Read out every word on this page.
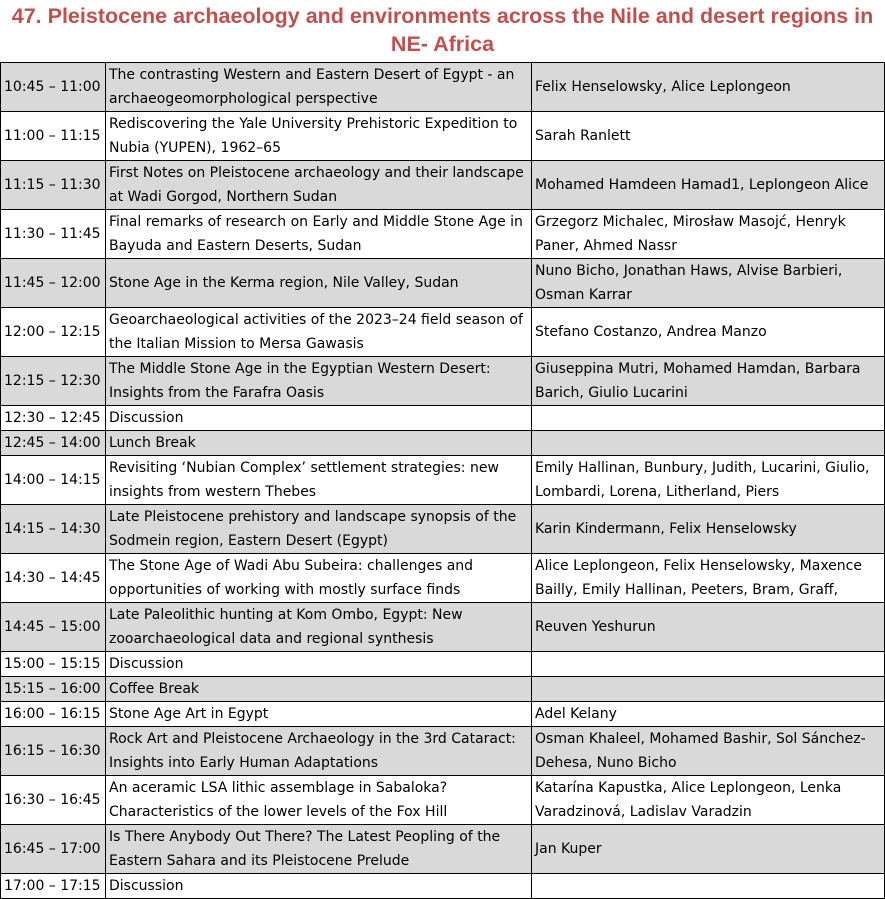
47. Pleistocene archaeology and environments across the Nile and desert regions in NE- Africa
10:45 – 11:00	The contrasting Western and Eastern Desert of Egypt - an archaeogeomorphological perspective	Felix Henselowsky, Alice Leplongeon
11:00 – 11:15	Rediscovering the Yale University Prehistoric Expedition to Nubia (YUPEN), 1962–65	Sarah Ranlett
11:15 – 11:30	First Notes on Pleistocene archaeology and their landscape at Wadi Gorgod, Northern Sudan	Mohamed Hamdeen Hamad1, Leplongeon Alice
11:30 – 11:45	Final remarks of research on Early and Middle Stone Age in Bayuda and Eastern Deserts, Sudan	Grzegorz Michalec, Mirosław Masojć, Henryk Paner, Ahmed Nassr
11:45 – 12:00	Stone Age in the Kerma region, Nile Valley, Sudan	Nuno Bicho, Jonathan Haws, Alvise Barbieri, Osman Karrar
12:00 – 12:15	Geoarchaeological activities of the 2023–24 field season of the Italian Mission to Mersa Gawasis	Stefano Costanzo, Andrea Manzo
12:15 – 12:30	The Middle Stone Age in the Egyptian Western Desert: Insights from the Farafra Oasis	Giuseppina Mutri, Mohamed Hamdan, Barbara Barich, Giulio Lucarini
12:30 – 12:45	Discussion	
12:45 – 14:00	Lunch Break	
14:00 – 14:15	Revisiting ‘Nubian Complex’ settlement strategies: new insights from western Thebes	Emily Hallinan, Bunbury, Judith, Lucarini, Giulio, Lombardi, Lorena, Litherland, Piers
14:15 – 14:30	Late Pleistocene prehistory and landscape synopsis of the Sodmein region, Eastern Desert (Egypt)	Karin Kindermann, Felix Henselowsky
14:30 – 14:45	The Stone Age of Wadi Abu Subeira: challenges and opportunities of working with mostly surface finds	Alice Leplongeon, Felix Henselowsky, Maxence Bailly, Emily Hallinan, Peeters, Bram, Graff,
14:45 – 15:00	Late Paleolithic hunting at Kom Ombo, Egypt: New zooarchaeological data and regional synthesis	Reuven Yeshurun
15:00 – 15:15	Discussion	
15:15 – 16:00	Coffee Break	
16:00 – 16:15	Stone Age Art in Egypt	Adel Kelany
16:15 – 16:30	Rock Art and Pleistocene Archaeology in the 3rd Cataract: Insights into Early Human Adaptations	Osman Khaleel, Mohamed Bashir, Sol Sánchez-Dehesa, Nuno Bicho
16:30 – 16:45	An aceramic LSA lithic assemblage in Sabaloka? Characteristics of the lower levels of the Fox Hill	Katarína Kapustka, Alice Leplongeon, Lenka Varadzinová, Ladislav Varadzin
16:45 – 17:00	Is There Anybody Out There? The Latest Peopling of the Eastern Sahara and its Pleistocene Prelude	Jan Kuper
17:00 – 17:15	Discussion	
